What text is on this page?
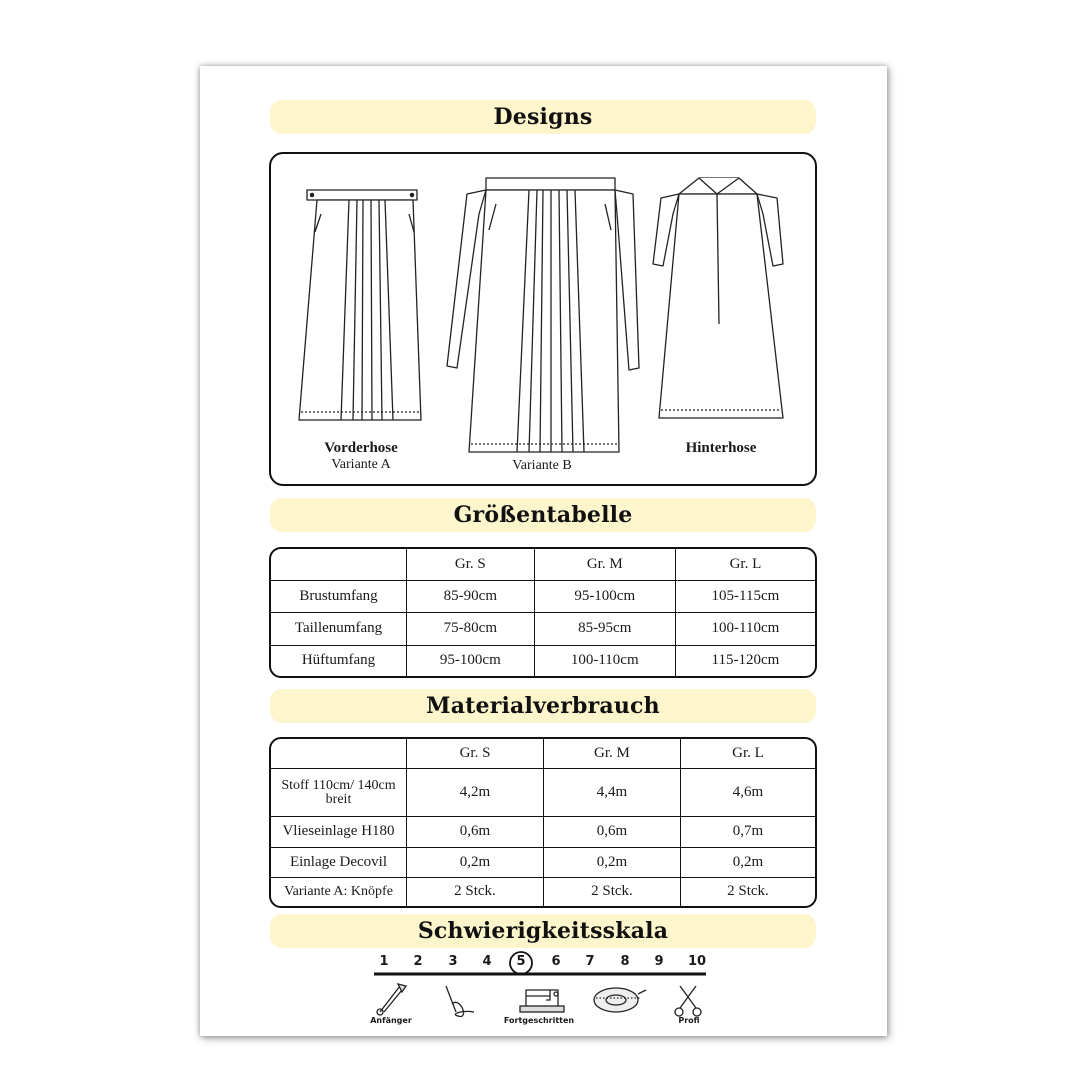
Designs
Vorderhose
Variante A	Variante B
Hinterhose
Größentabelle
	Gr. S	Gr. M	Gr. L
Brustumfang	85-90cm	95-100cm	105-115cm
Taillenumfang	75-80cm	85-95cm	100-110cm
Hüftumfang	95-100cm	100-110cm	115-120cm
Materialverbrauch
	Gr. S	Gr. M	Gr. L
Stoff 110cm/ 140cm breit	4,2m	4,4m	4,6m
Vlieseinlage H180	0,6m	0,6m	0,7m
Einlage Decovil	0,2m	0,2m	0,2m
Variante A: Knöpfe	2 Stck.	2 Stck.	2 Stck.
Schwierigkeitsskala
1	2	3	4	5	6	7	8	9	10
Anfänger	Fortgeschritten	Profi
